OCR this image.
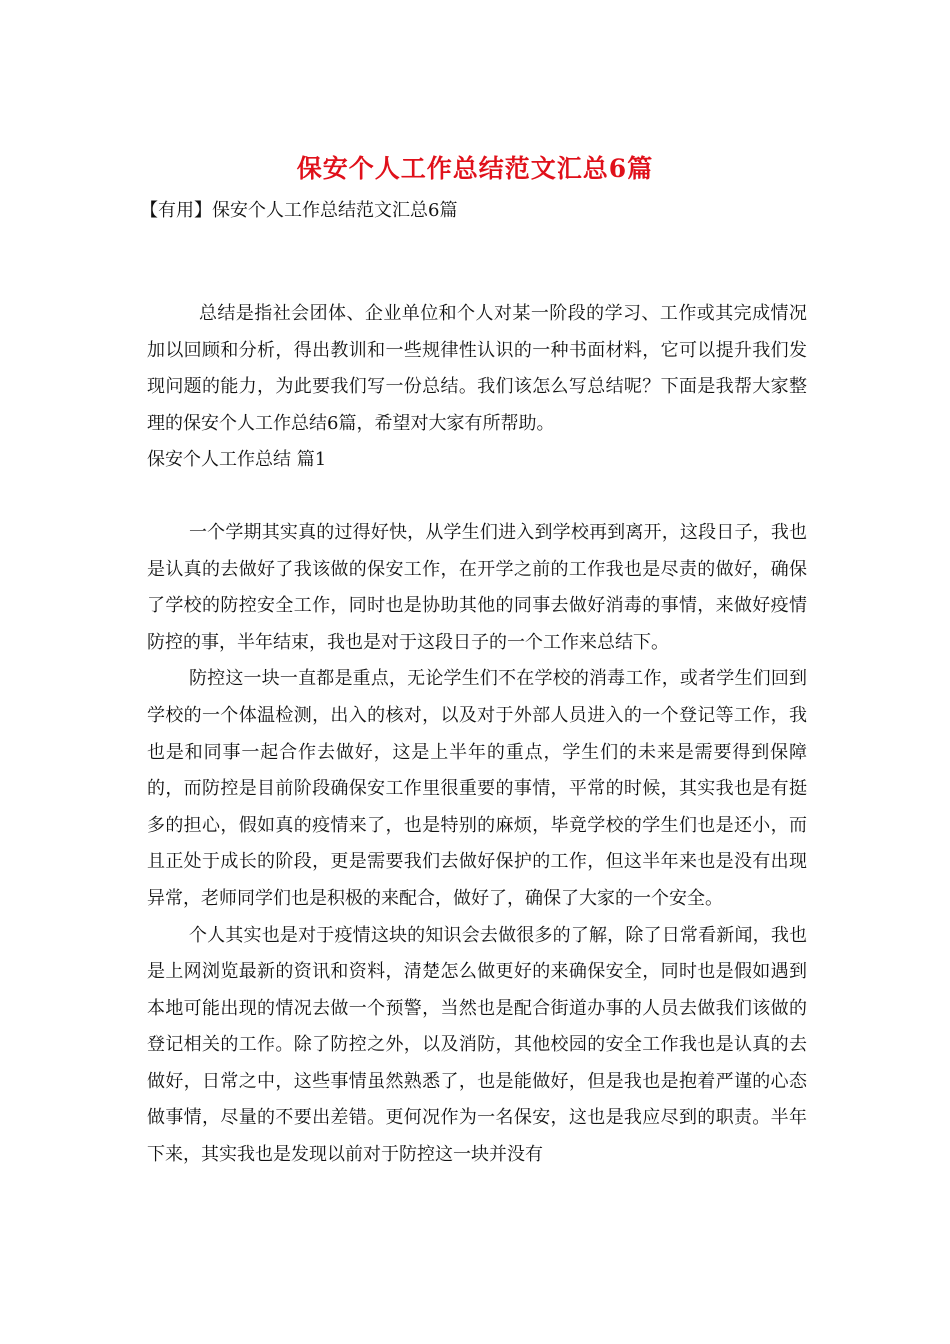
保安个人工作总结范文汇总6篇
【有用】保安个人工作总结范文汇总6篇

总结是指社会团体、企业单位和个人对某一阶段的学习、工作或其完成情况加以回顾和分析，得出教训和一些规律性认识的一种书面材料，它可以提升我们发现问题的能力，为此要我们写一份总结。我们该怎么写总结呢？下面是我帮大家整理的保安个人工作总结6篇，希望对大家有所帮助。

保安个人工作总结 篇1

一个学期其实真的过得好快，从学生们进入到学校再到离开，这段日子，我也是认真的去做好了我该做的保安工作，在开学之前的工作我也是尽责的做好，确保了学校的防控安全工作，同时也是协助其他的同事去做好消毒的事情，来做好疫情防控的事，半年结束，我也是对于这段日子的一个工作来总结下。

防控这一块一直都是重点，无论学生们不在学校的消毒工作，或者学生们回到学校的一个体温检测，出入的核对，以及对于外部人员进入的一个登记等工作，我也是和同事一起合作去做好，这是上半年的重点，学生们的未来是需要得到保障的，而防控是目前阶段确保安工作里很重要的事情，平常的时候，其实我也是有挺多的担心，假如真的疫情来了，也是特别的麻烦，毕竟学校的学生们也是还小，而且正处于成长的阶段，更是需要我们去做好保护的工作，但这半年来也是没有出现异常，老师同学们也是积极的来配合，做好了，确保了大家的一个安全。

个人其实也是对于疫情这块的知识会去做很多的了解，除了日常看新闻，我也是上网浏览最新的资讯和资料，清楚怎么做更好的来确保安全，同时也是假如遇到本地可能出现的情况去做一个预警，当然也是配合街道办事的人员去做我们该做的登记相关的工作。除了防控之外，以及消防，其他校园的安全工作我也是认真的去做好，日常之中，这些事情虽然熟悉了，也是能做好，但是我也是抱着严谨的心态做事情，尽量的不要出差错。更何况作为一名保安，这也是我应尽到的职责。半年下来，其实我也是发现以前对于防控这一块并没有
